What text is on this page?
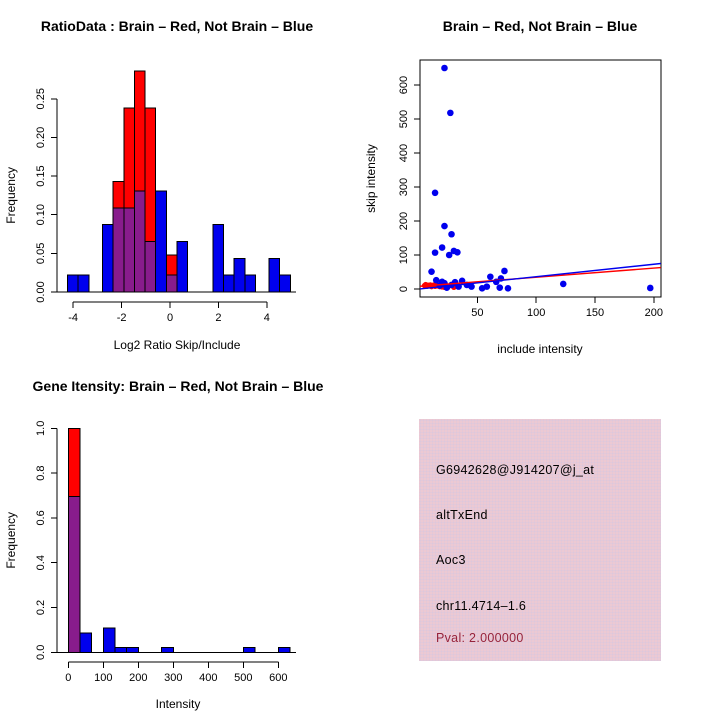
RatioData : Brain – Red, Not Brain – Blue
Log2 Ratio Skip/Include
Frequency
-4	-2	0	2	4
0.00
0.05
0.10
0.15
0.20
0.25
Brain – Red, Not Brain – Blue
include intensity
skip intensity
50	100	150	200
0
100
200
300
400
500
600
Gene Itensity: Brain – Red, Not Brain – Blue
Intensity
Frequency
0 100 200 300 400 500 600
0.0
0.2
0.4
0.6
0.8
1.0
G6942628@J914207@j_at
altTxEnd
Aoc3
chr11.4714–1.6
Pval: 2.000000
